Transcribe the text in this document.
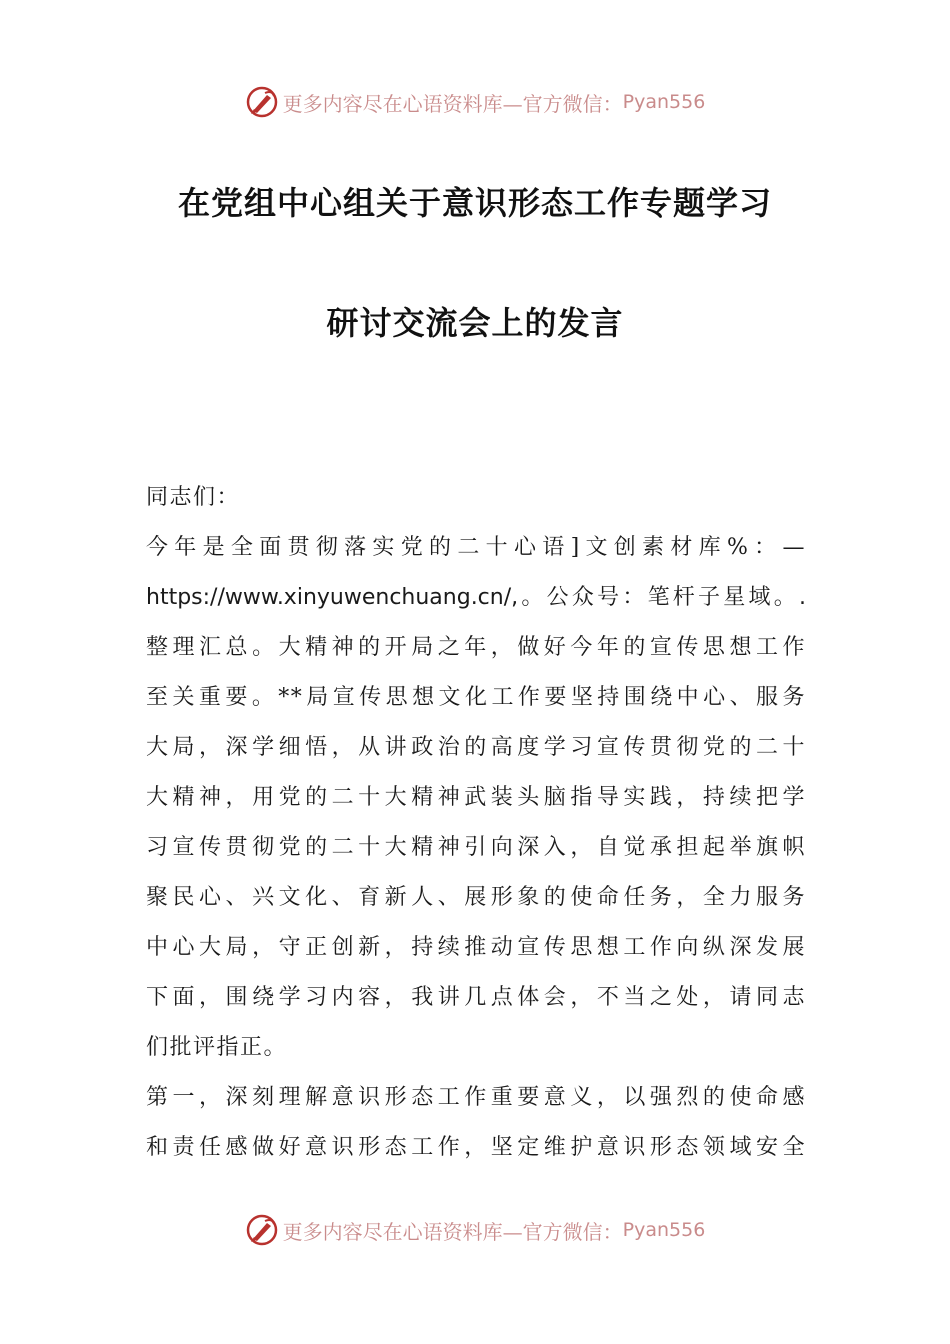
更多内容尽在心语资料库—官方微信： Pyan556
在党组中心组关于意识形态工作专题学习
研讨交流会上的发言
同志们：
今年是全面贯彻落实党的二十心语]文创素材库%：—
https://www.xinyuwenchuang.cn/,。公众号：笔杆子星域。.
整理汇总。大精神的开局之年，做好今年的宣传思想工作
至关重要。**局宣传思想文化工作要坚持围绕中心、服务
大局，深学细悟，从讲政治的高度学习宣传贯彻党的二十
大精神，用党的二十大精神武装头脑指导实践，持续把学
习宣传贯彻党的二十大精神引向深入，自觉承担起举旗帜
聚民心、兴文化、育新人、展形象的使命任务，全力服务
中心大局，守正创新，持续推动宣传思想工作向纵深发展
下面，围绕学习内容，我讲几点体会，不当之处，请同志
们批评指正。
第一，深刻理解意识形态工作重要意义，以强烈的使命感
和责任感做好意识形态工作，坚定维护意识形态领域安全
更多内容尽在心语资料库—官方微信： Pyan556
